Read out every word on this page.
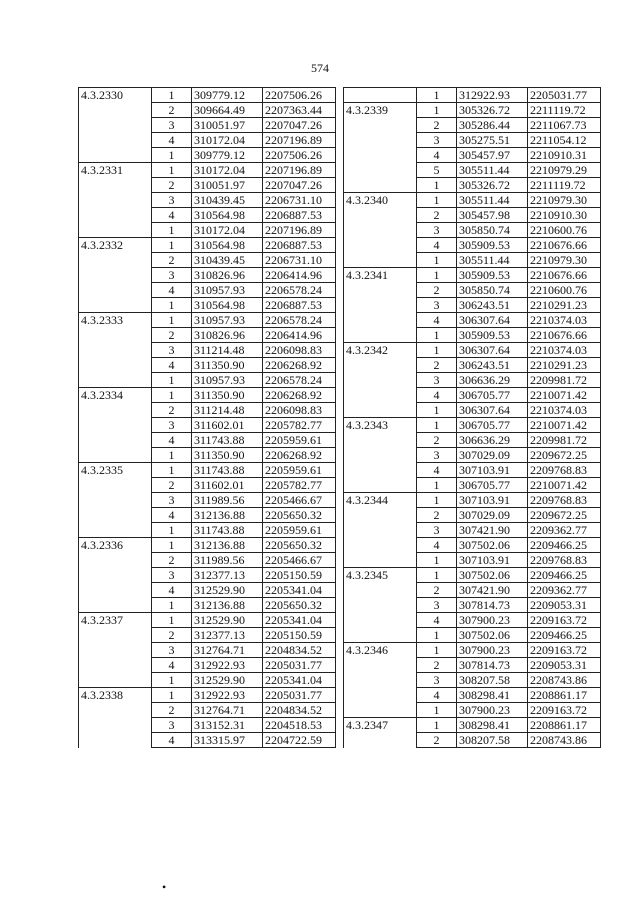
574
4.3.2330	1	309779.12	2207506.26
	2	309664.49	2207363.44
	3	310051.97	2207047.26
	4	310172.04	2207196.89
	1	309779.12	2207506.26
4.3.2331	1	310172.04	2207196.89
	2	310051.97	2207047.26
	3	310439.45	2206731.10
	4	310564.98	2206887.53
	1	310172.04	2207196.89
4.3.2332	1	310564.98	2206887.53
	2	310439.45	2206731.10
	3	310826.96	2206414.96
	4	310957.93	2206578.24
	1	310564.98	2206887.53
4.3.2333	1	310957.93	2206578.24
	2	310826.96	2206414.96
	3	311214.48	2206098.83
	4	311350.90	2206268.92
	1	310957.93	2206578.24
4.3.2334	1	311350.90	2206268.92
	2	311214.48	2206098.83
	3	311602.01	2205782.77
	4	311743.88	2205959.61
	1	311350.90	2206268.92
4.3.2335	1	311743.88	2205959.61
	2	311602.01	2205782.77
	3	311989.56	2205466.67
	4	312136.88	2205650.32
	1	311743.88	2205959.61
4.3.2336	1	312136.88	2205650.32
	2	311989.56	2205466.67
	3	312377.13	2205150.59
	4	312529.90	2205341.04
	1	312136.88	2205650.32
4.3.2337	1	312529.90	2205341.04
	2	312377.13	2205150.59
	3	312764.71	2204834.52
	4	312922.93	2205031.77
	1	312529.90	2205341.04
4.3.2338	1	312922.93	2205031.77
	2	312764.71	2204834.52
	3	313152.31	2204518.53
	4	313315.97	2204722.59
	1	312922.93	2205031.77
4.3.2339	1	305326.72	2211119.72
	2	305286.44	2211067.73
	3	305275.51	2211054.12
	4	305457.97	2210910.31
	5	305511.44	2210979.29
	1	305326.72	2211119.72
4.3.2340	1	305511.44	2210979.30
	2	305457.98	2210910.30
	3	305850.74	2210600.76
	4	305909.53	2210676.66
	1	305511.44	2210979.30
4.3.2341	1	305909.53	2210676.66
	2	305850.74	2210600.76
	3	306243.51	2210291.23
	4	306307.64	2210374.03
	1	305909.53	2210676.66
4.3.2342	1	306307.64	2210374.03
	2	306243.51	2210291.23
	3	306636.29	2209981.72
	4	306705.77	2210071.42
	1	306307.64	2210374.03
4.3.2343	1	306705.77	2210071.42
	2	306636.29	2209981.72
	3	307029.09	2209672.25
	4	307103.91	2209768.83
	1	306705.77	2210071.42
4.3.2344	1	307103.91	2209768.83
	2	307029.09	2209672.25
	3	307421.90	2209362.77
	4	307502.06	2209466.25
	1	307103.91	2209768.83
4.3.2345	1	307502.06	2209466.25
	2	307421.90	2209362.77
	3	307814.73	2209053.31
	4	307900.23	2209163.72
	1	307502.06	2209466.25
4.3.2346	1	307900.23	2209163.72
	2	307814.73	2209053.31
	3	308207.58	2208743.86
	4	308298.41	2208861.17
	1	307900.23	2209163.72
4.3.2347	1	308298.41	2208861.17
	2	308207.58	2208743.86
•
